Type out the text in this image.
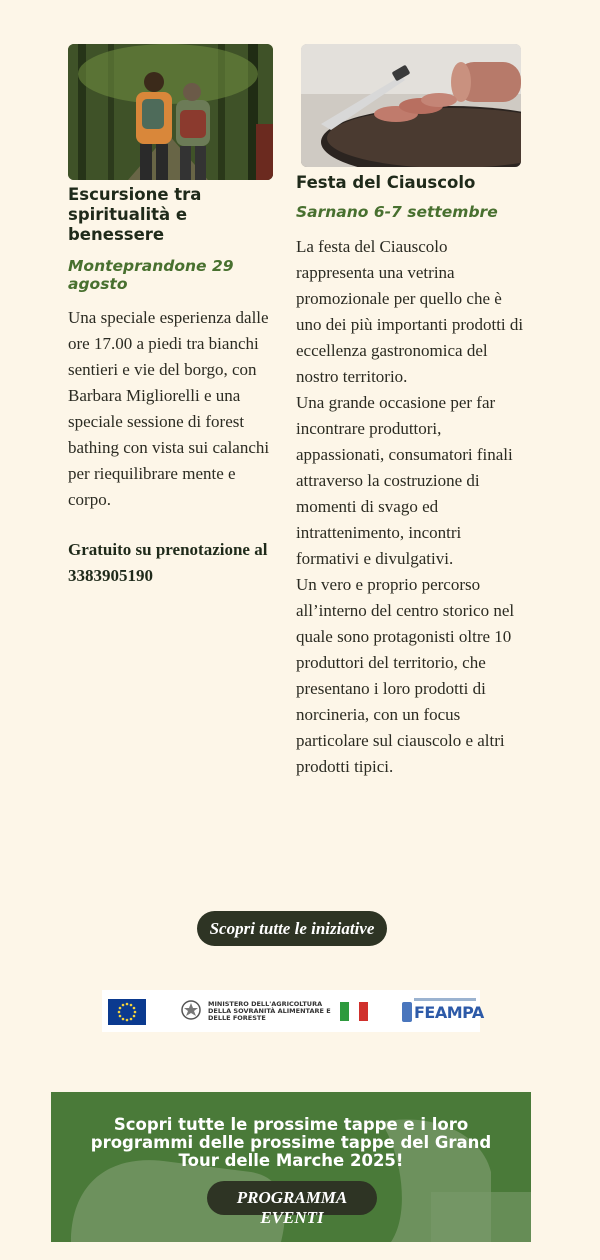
Escursione tra spiritualità e benessere
Monteprandone 29 agosto
Una speciale esperienza dalle ore 17.00 a piedi tra bianchi sentieri e vie del borgo, con Barbara Migliorelli e una speciale sessione di forest bathing con vista sui calanchi per riequilibrare mente e corpo.
Gratuito su prenotazione al 3383905190
Festa del Ciauscolo
Sarnano 6-7 settembre

La festa del Ciauscolo rappresenta una vetrina promozionale per quello che è uno dei più importanti prodotti di eccellenza gastronomica del nostro territorio.

Una grande occasione per far incontrare produttori, appassionati, consumatori finali attraverso la costruzione di momenti di svago ed intrattenimento, incontri formativi e divulgativi.

Un vero e proprio percorso all’interno del centro storico nel quale sono protagonisti oltre 10 produttori del territorio, che presentano i loro prodotti di norcineria, con un focus particolare sul ciauscolo e altri prodotti tipici.

Scopri tutte le iniziative
MINISTERO DELL'AGRICOLTURA DELLA SOVRANITÀ ALIMENTARE E DELLE FORESTE	FEAMPA
Scopri tutte le prossime tappe e i loro programmi delle prossime tappe del Grand Tour delle Marche 2025!
PROGRAMMA EVENTI
